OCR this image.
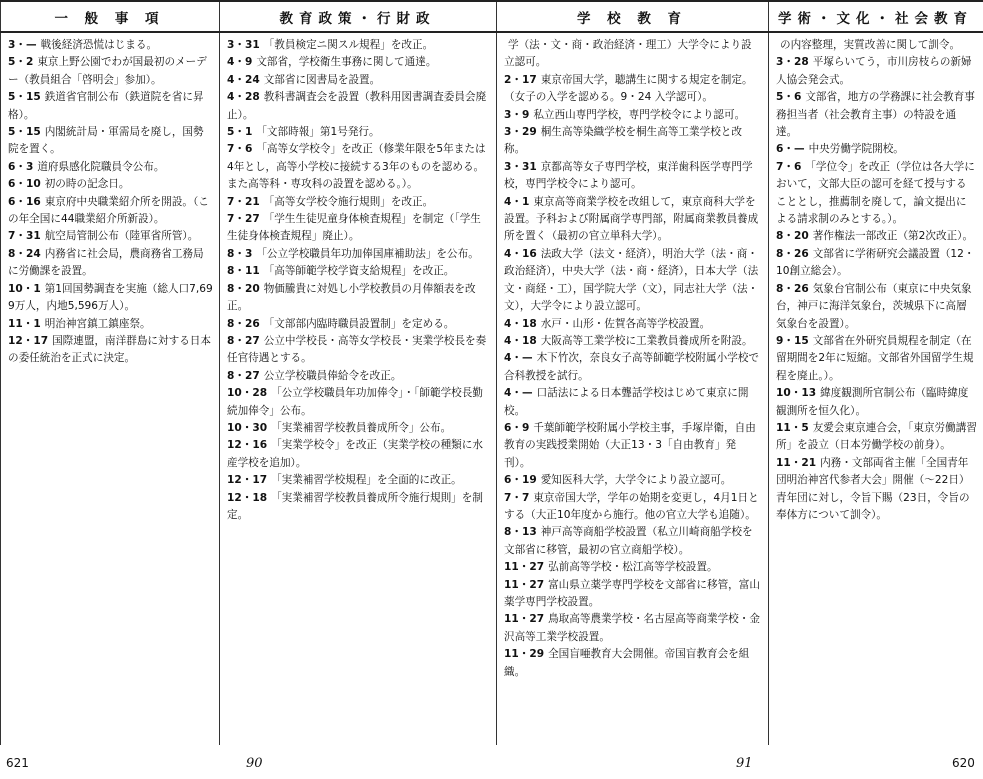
一 般 事 項

3・— 戦後経済恐慌はじまる。

5・2 東京上野公園でわが国最初のメーデー（教員組合「啓明会」参加）。

5・15 鉄道省官制公布（鉄道院を省に昇格）。

5・15 内閣統計局・軍需局を廃し，国勢院を置く。

6・3 道府県感化院職員令公布。

6・10 初の時の記念日。

6・16 東京府中央職業紹介所を開設。（この年全国に44職業紹介所新設）。

7・31 航空局管制公布（陸軍省所管）。

8・24 内務省に社会局，農商務省工務局に労働課を設置。

10・1 第1回国勢調査を実施（総人口7,699万人，内地5,596万人）。

11・1 明治神宮鎮工鎮座祭。

12・17 国際連盟，南洋群島に対する日本の委任統治を正式に決定。

教育政策・行財政

3・31 「教員検定ニ関スル規程」を改正。

4・9 文部省，学校衛生事務に関して通達。

4・24 文部省に図書局を設置。

4・28 教科書調査会を設置（教科用図書調査委員会廃止）。

5・1 「文部時報」第1号発行。

7・6 「高等女学校令」を改正（修業年限を5年または4年とし，高等小学校に接続する3年のものを認める。また高等科・専攻科の設置を認める。）。

7・21 「高等女学校令施行規則」を改正。

7・27 「学生生徒児童身体検査規程」を制定（「学生生徒身体検査規程」廃止）。

8・3 「公立学校職員年功加俸国庫補助法」を公布。

8・11 「高等師範学校学資支給規程」を改正。

8・20 物価騰貴に対処し小学校教員の月俸額表を改正。

8・26 「文部部内臨時職員設置制」を定める。

8・27 公立中学校長・高等女学校長・実業学校長を奏任官待遇とする。

8・27 公立学校職員俸給令を改正。

10・28 「公立学校職員年功加俸令」・「師範学校長勤続加俸令」公布。

10・30 「実業補習学校教員養成所令」公布。

12・16 「実業学校令」を改正（実業学校の種類に水産学校を追加）。

12・17 「実業補習学校規程」を全面的に改正。

12・18 「実業補習学校教員養成所令施行規則」を制定。

学 校 教 育

学（法・文・商・政治経済・理工）大学令により設立認可。

2・17 東京帝国大学，聴講生に関する規定を制定。（女子の入学を認める。9・24 入学認可）。

3・9 私立西山専門学校，専門学校令により認可。

3・29 桐生高等染織学校を桐生高等工業学校と改称。

3・31 京都高等女子専門学校，東洋歯科医学専門学校，専門学校令により認可。

4・1 東京高等商業学校を改組して，東京商科大学を設置。予科および附属商学専門部，附属商業教員養成所を置く（最初の官立単科大学）。

4・16 法政大学（法文・経済），明治大学（法・商・政治経済），中央大学（法・商・経済），日本大学（法文・商経・工），国学院大学（文），同志社大学（法・文），大学令により設立認可。

4・18 水戸・山形・佐賀各高等学校設置。

4・18 大阪高等工業学校に工業教員養成所を附設。

4・— 木下竹次，奈良女子高等師範学校附属小学校で合科教授を試行。

4・— 口話法による日本聾話学校はじめて東京に開校。

6・9 千葉師範学校附属小学校主事，手塚岸衛，自由教育の実践授業開始（大正13・3「自由教育」発刊）。

6・19 愛知医科大学，大学令により設立認可。

7・7 東京帝国大学，学年の始期を変更し，4月1日とする（大正10年度から施行。他の官立大学も追随）。

8・13 神戸高等商船学校設置（私立川崎商船学校を文部省に移管，最初の官立商船学校）。

11・27 弘前高等学校・松江高等学校設置。

11・27 富山県立薬学専門学校を文部省に移管，富山薬学専門学校設置。

11・27 鳥取高等農業学校・名古屋高等商業学校・金沢高等工業学校設置。

11・29 全国盲唖教育大会開催。帝国盲教育会を組織。

学術・文化・社会教育

の内容整理，実質改善に関して訓令。

3・28 平塚らいてう，市川房枝らの新婦人協会発会式。

5・6 文部省，地方の学務課に社会教育事務担当者（社会教育主事）の特設を通達。

6・— 中央労働学院開校。

7・6 「学位令」を改正（学位は各大学において，文部大臣の認可を経て授与することとし，推薦制を廃して，論文提出による請求制のみとする。）。

8・20 著作権法一部改正（第2次改正）。

8・26 文部省に学術研究会議設置（12・10創立総会）。

8・26 気象台官制公布（東京に中央気象台，神戸に海洋気象台，茨城県下に高層気象台を設置）。

9・15 文部省在外研究員規程を制定（在留期間を2年に短縮。文部省外国留学生規程を廃止。）。

10・13 緯度観測所官制公布（臨時緯度観測所を恒久化）。

11・5 友愛会東京連合会，「東京労働講習所」を設立（日本労働学校の前身）。

11・21 内務・文部両省主催「全国青年団明治神宮代参者大会」開催（～22日）青年団に対し，令旨下賜（23日，令旨の奉体方について訓令）。

621	90	91	620
